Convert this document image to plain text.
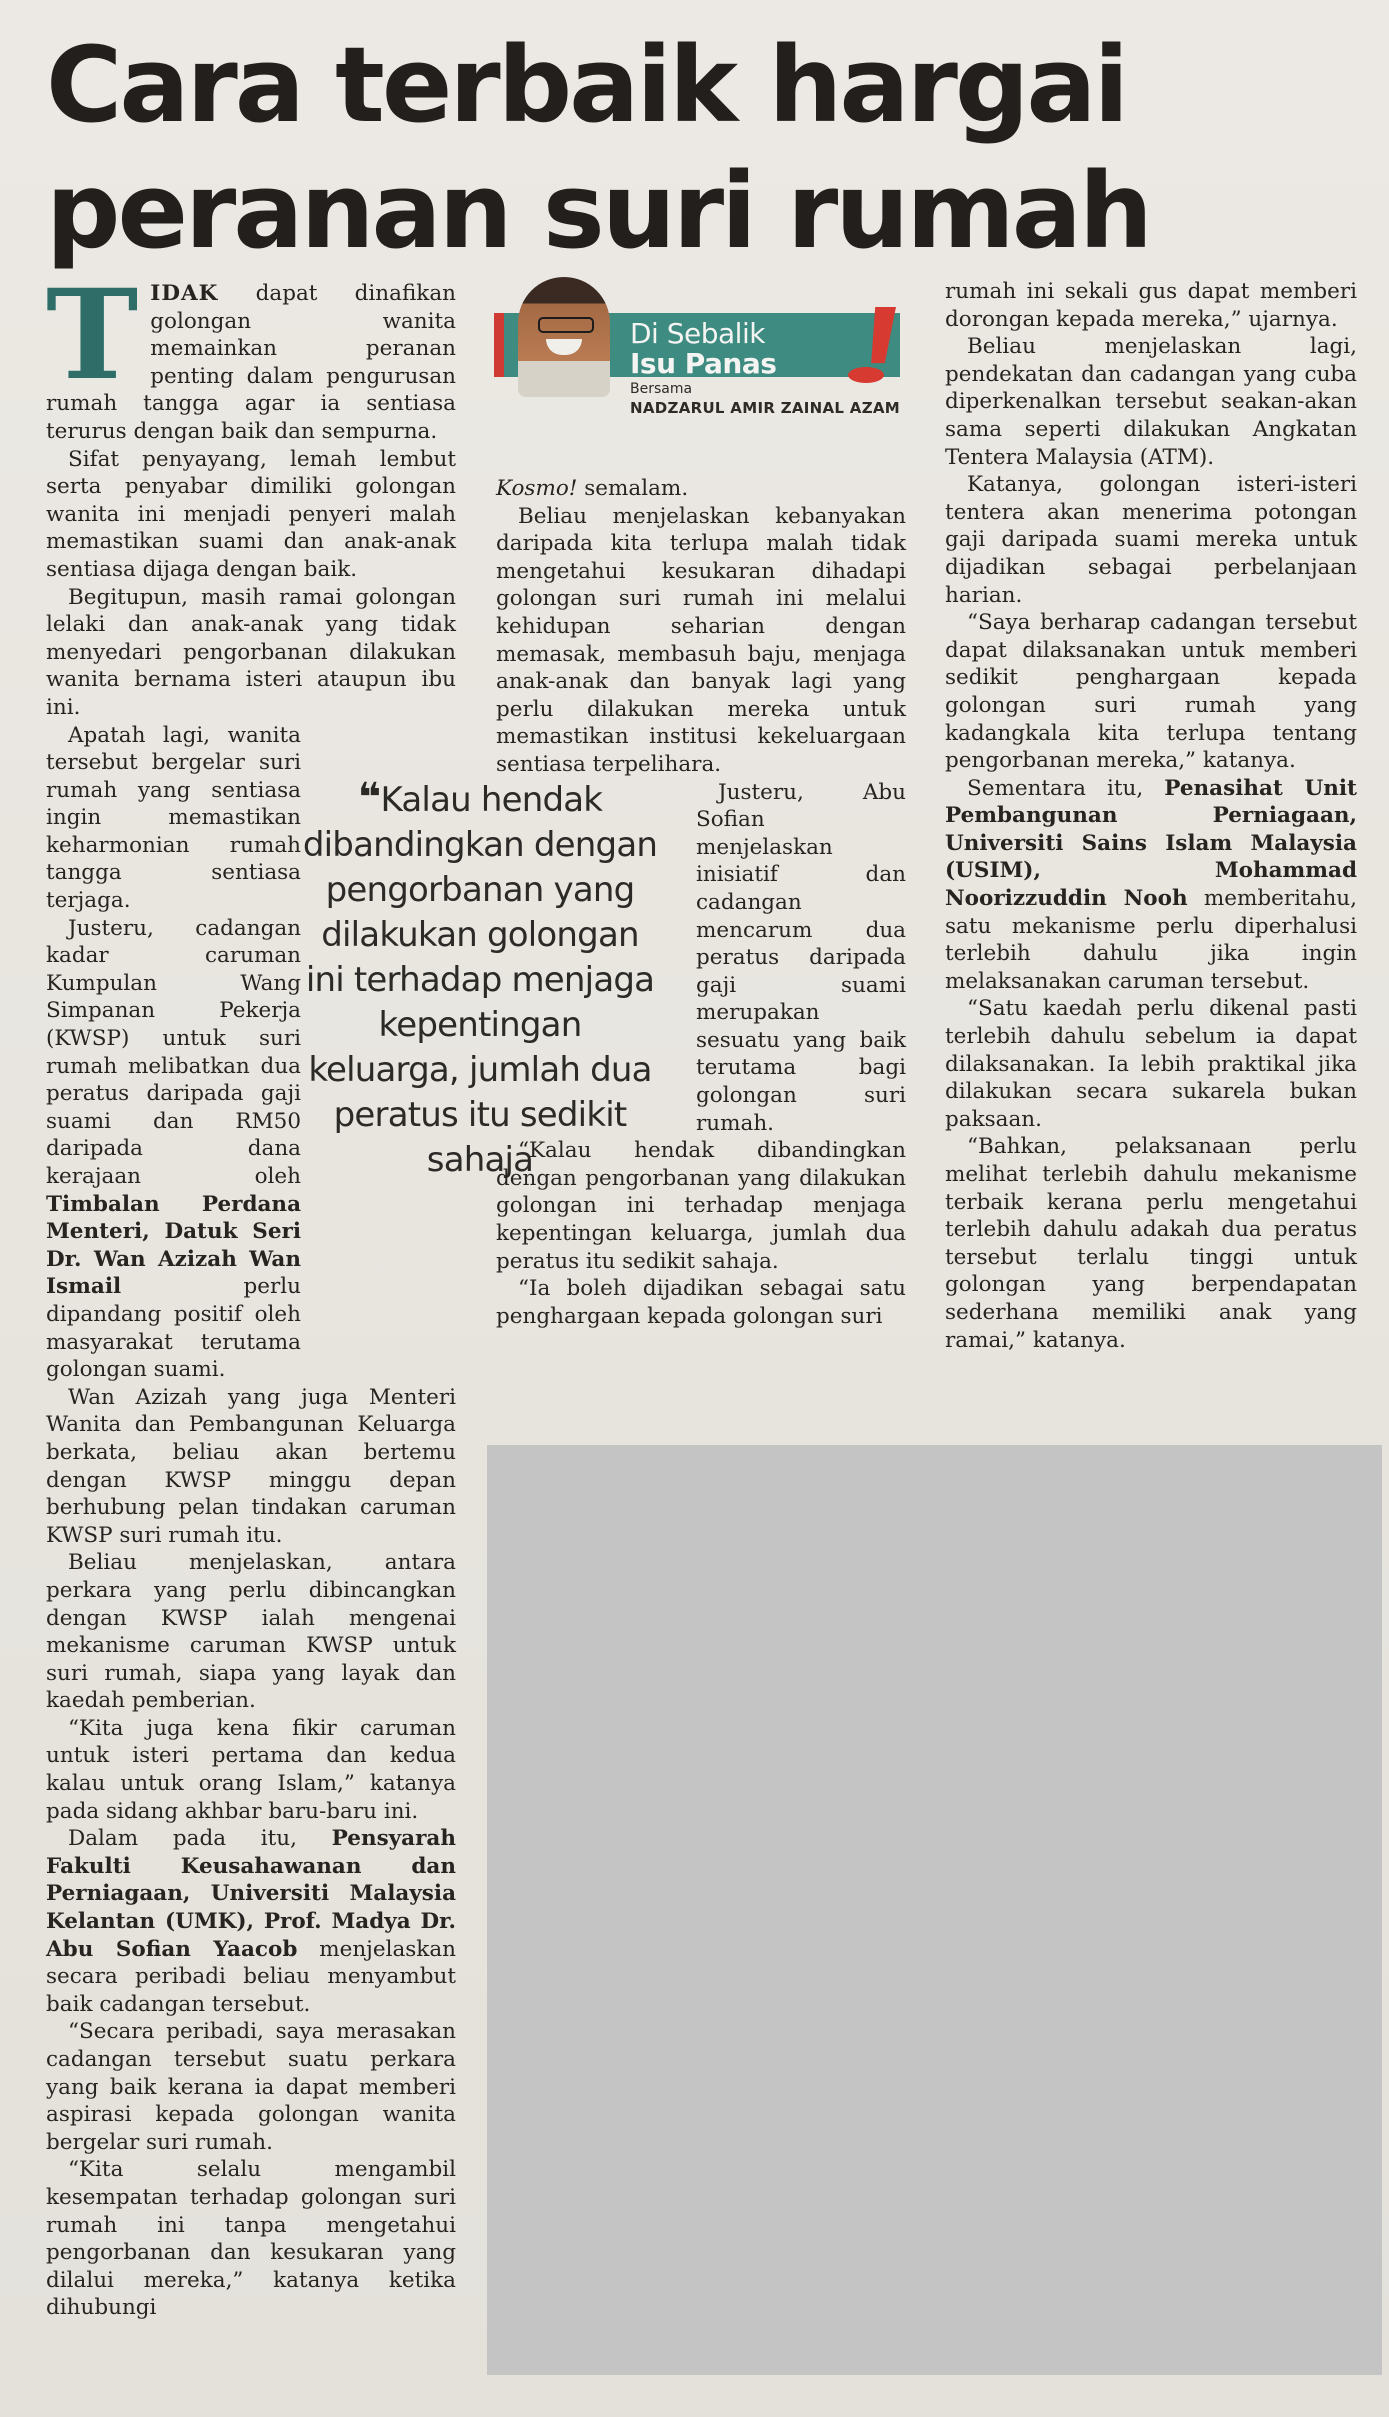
Cara terbaik hargai peranan suri rumah

TIDAK dapat dinafikan golongan wanita memainkan peranan penting dalam pengurusan rumah tangga agar ia sentiasa terurus dengan baik dan sempurna.

Sifat penyayang, lemah lembut serta penyabar dimiliki golongan wanita ini menjadi penyeri malah memastikan suami dan anak-anak sentiasa dijaga dengan baik.

Begitupun, masih ramai golongan lelaki dan anak-anak yang tidak menyedari pengorbanan dilakukan wanita bernama isteri ataupun ibu ini.

Apatah lagi, wanita tersebut bergelar suri rumah yang sentiasa ingin memastikan keharmonian rumah tangga sentiasa terjaga.

Justeru, cadangan kadar caruman Kumpulan Wang Simpanan Pekerja (KWSP) untuk suri rumah melibatkan dua peratus daripada gaji suami dan RM50 daripada dana kerajaan oleh Timbalan Perdana Menteri, Datuk Seri Dr. Wan Azizah Wan Ismail perlu dipandang positif oleh masyarakat terutama golongan suami.

Wan Azizah yang juga Menteri Wanita dan Pembangunan Keluarga berkata, beliau akan bertemu dengan KWSP minggu depan berhubung pelan tindakan caruman KWSP suri rumah itu.

Beliau menjelaskan, antara perkara yang perlu dibincangkan dengan KWSP ialah mengenai mekanisme caruman KWSP untuk suri rumah, siapa yang layak dan kaedah pemberian.

“Kita juga kena fikir caruman untuk isteri pertama dan kedua kalau untuk orang Islam,” katanya pada sidang akhbar baru-baru ini.

Dalam pada itu, Pensyarah Fakulti Keusahawanan dan Perniagaan, Universiti Malaysia Kelantan (UMK), Prof. Madya Dr. Abu Sofian Yaacob menjelaskan secara peribadi beliau menyambut baik cadangan tersebut.

“Secara peribadi, saya merasakan cadangan tersebut suatu perkara yang baik kerana ia dapat memberi aspirasi kepada golongan wanita bergelar suri rumah.

“Kita selalu mengambil kesempatan terhadap golongan suri rumah ini tanpa mengetahui pengorbanan dan kesukaran yang dilalui mereka,” katanya ketika dihubungi

Di Sebalik
Isu Panas
Bersama
NADZARUL AMIR ZAINAL AZAM

❝Kalau hendak dibandingkan dengan pengorbanan yang dilakukan golongan ini terhadap menjaga kepentingan keluarga, jumlah dua peratus itu sedikit sahaja

Kosmo! semalam.

Beliau menjelaskan kebanyakan daripada kita terlupa malah tidak mengetahui kesukaran dihadapi golongan suri rumah ini melalui kehidupan seharian dengan memasak, membasuh baju, menjaga anak-anak dan banyak lagi yang perlu dilakukan mereka untuk memastikan institusi kekeluargaan sentiasa terpelihara.

Justeru, Abu Sofian menjelaskan inisiatif dan cadangan mencarum dua peratus daripada gaji suami merupakan sesuatu yang baik terutama bagi golongan suri rumah.

“Kalau hendak dibandingkan dengan pengorbanan yang dilakukan golongan ini terhadap menjaga kepentingan keluarga, jumlah dua peratus itu sedikit sahaja.

“Ia boleh dijadikan sebagai satu penghargaan kepada golongan suri

rumah ini sekali gus dapat memberi dorongan kepada mereka,” ujarnya.

Beliau menjelaskan lagi, pendekatan dan cadangan yang cuba diperkenalkan tersebut seakan-akan sama seperti dilakukan Angkatan Tentera Malaysia (ATM).

Katanya, golongan isteri-isteri tentera akan menerima potongan gaji daripada suami mereka untuk dijadikan sebagai perbelanjaan harian.

“Saya berharap cadangan tersebut dapat dilaksanakan untuk memberi sedikit penghargaan kepada golongan suri rumah yang kadangkala kita terlupa tentang pengorbanan mereka,” katanya.

Sementara itu, Penasihat Unit Pembangunan Perniagaan, Universiti Sains Islam Malaysia (USIM), Mohammad Noorizzuddin Nooh memberitahu, satu mekanisme perlu diperhalusi terlebih dahulu jika ingin melaksanakan caruman tersebut.

“Satu kaedah perlu dikenal pasti terlebih dahulu sebelum ia dapat dilaksanakan. Ia lebih praktikal jika dilakukan secara sukarela bukan paksaan.

“Bahkan, pelaksanaan perlu melihat terlebih dahulu mekanisme terbaik kerana perlu mengetahui terlebih dahulu adakah dua peratus tersebut terlalu tinggi untuk golongan yang berpendapatan sederhana memiliki anak yang ramai,” katanya.
